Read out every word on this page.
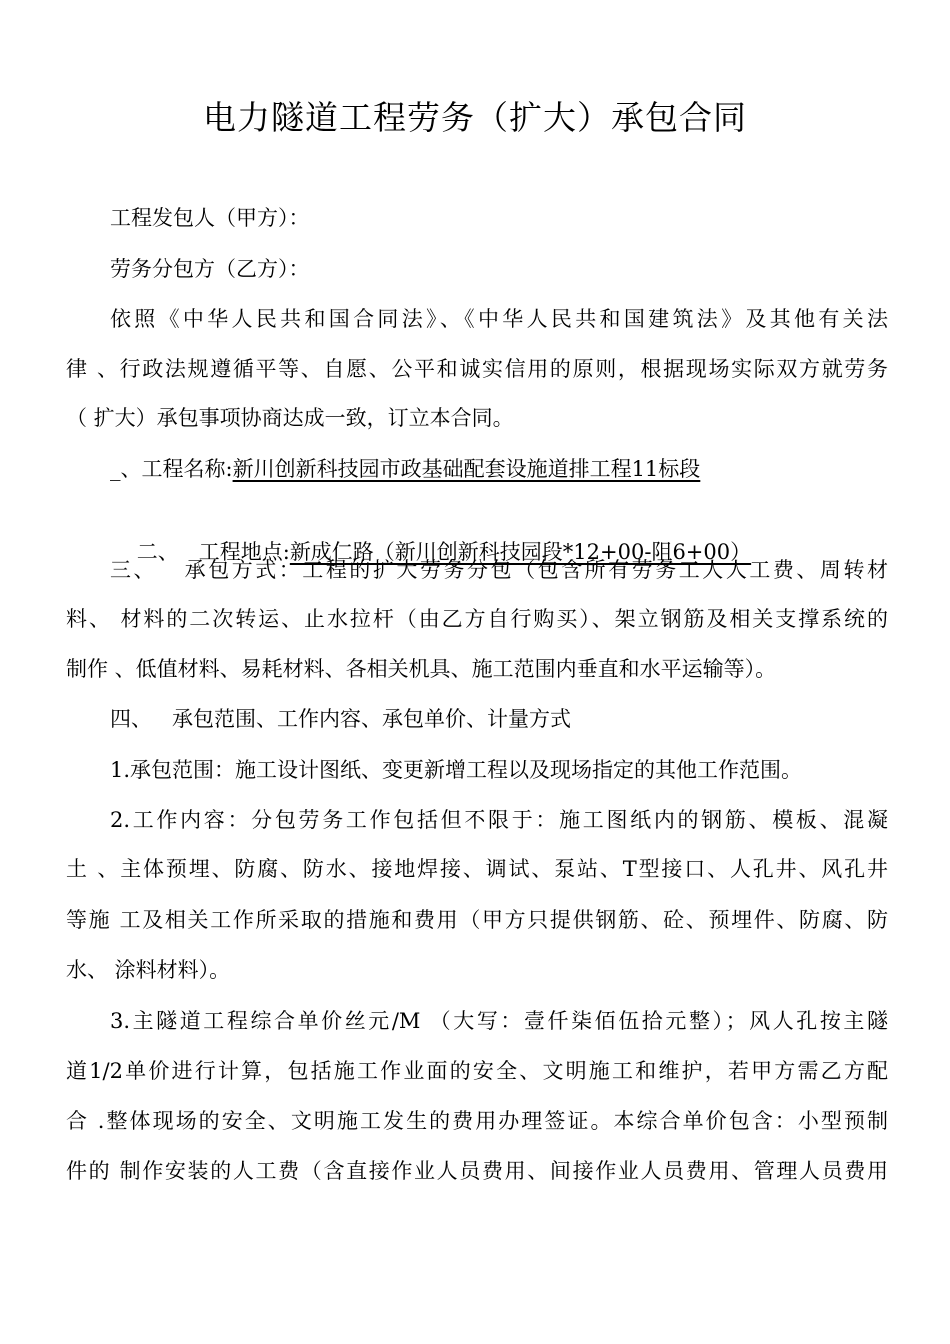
电力隧道工程劳务（扩大）承包合同
工程发包人（甲方）：
劳务分包方（乙方）：
依照《中华人民共和国合同法》、《中华人民共和国建筑法》及其他有关法
律 、行政法规遵循平等、自愿、公平和诚实信用的原则，根据现场实际双方就劳务
（ 扩大）承包事项协商达成一致，订立本合同。
_、工程名称:新川创新科技园市政基础配套设施道排工程11标段

二、   工程地点:新成仁路（新川创新科技园段*12+00-阻6+00）

三、   承包方式：工程的扩大劳务分包（包含所有劳务工人人工费、周转材
料、 材料的二次转运、止水拉杆（由乙方自行购买）、架立钢筋及相关支撑系统的
制作 、低值材料、易耗材料、各相关机具、施工范围内垂直和水平运输等）。
四、   承包范围、工作内容、承包单价、计量方式
1.承包范围：施工设计图纸、变更新增工程以及现场指定的其他工作范围。
2.工作内容：分包劳务工作包括但不限于：施工图纸内的钢筋、模板、混凝
土 、主体预埋、防腐、防水、接地焊接、调试、泵站、T型接口、人孔井、风孔井
等施 工及相关工作所采取的措施和费用（甲方只提供钢筋、砼、预埋件、防腐、防
水、 涂料材料）。
3.主隧道工程综合单价丝元/M （大写：壹仟柒佰伍拾元整）；风人孔按主隧
道1/2单价进行计算，包括施工作业面的安全、文明施工和维护，若甲方需乙方配
合 .整体现场的安全、文明施工发生的费用办理签证。本综合单价包含：小型预制
件的 制作安装的人工费（含直接作业人员费用、间接作业人员费用、管理人员费用
